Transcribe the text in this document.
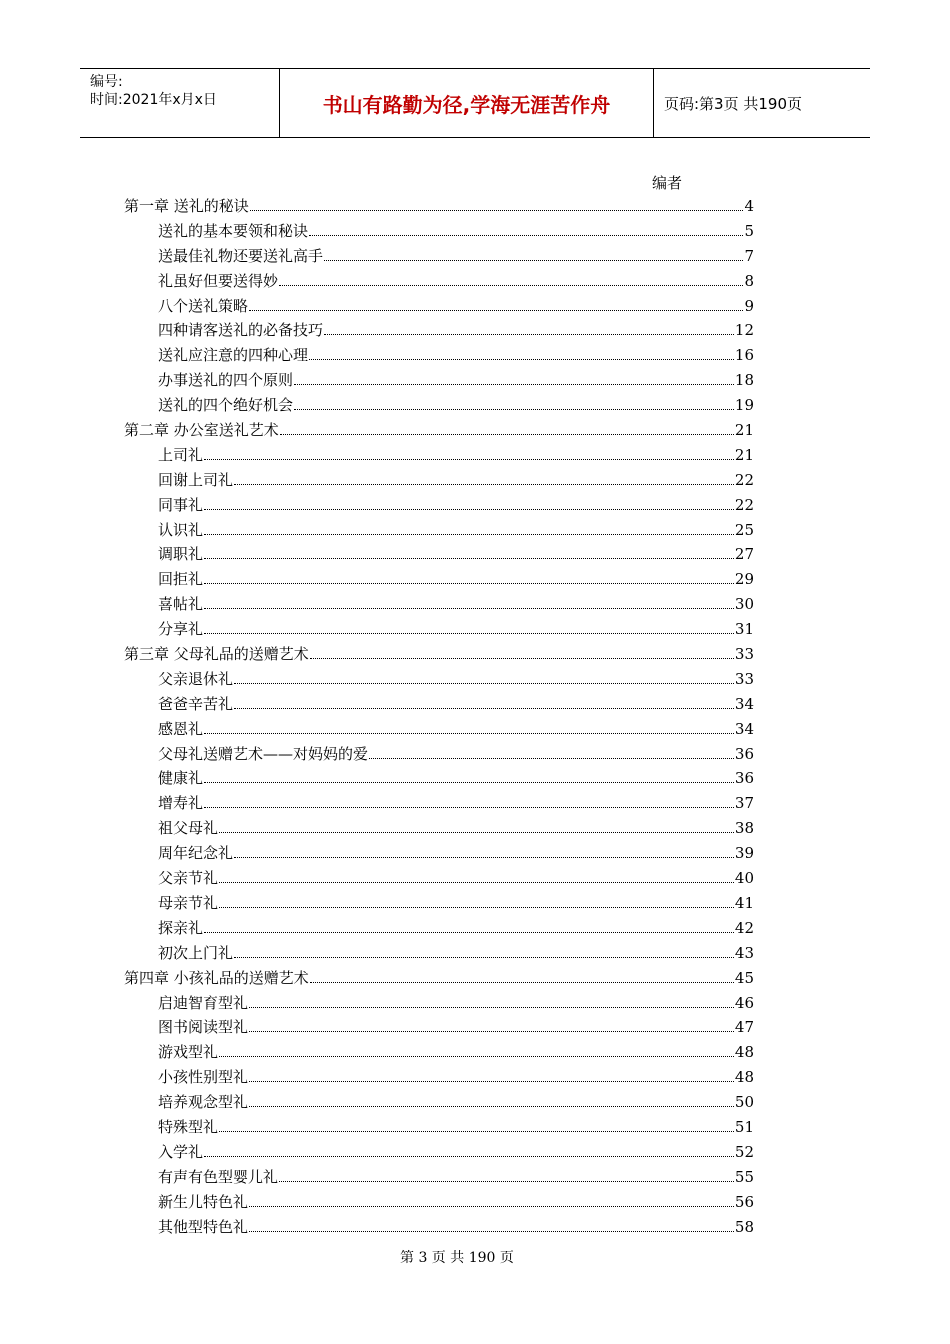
编号:
时间:2021年x月x日	书山有路勤为径,学海无涯苦作舟	页码:第3页 共190页
编者
第一章 送礼的秘诀	4
送礼的基本要领和秘诀	5
送最佳礼物还要送礼高手	7
礼虽好但要送得妙	8
八个送礼策略	9
四种请客送礼的必备技巧	12
送礼应注意的四种心理	16
办事送礼的四个原则	18
送礼的四个绝好机会	19
第二章 办公室送礼艺术	21
上司礼	21
回谢上司礼	22
同事礼	22
认识礼	25
调职礼	27
回拒礼	29
喜帖礼	30
分享礼	31
第三章 父母礼品的送赠艺术	33
父亲退休礼	33
爸爸辛苦礼	34
感恩礼	34
父母礼送赠艺术——对妈妈的爱	36
健康礼	36
增寿礼	37
祖父母礼	38
周年纪念礼	39
父亲节礼	40
母亲节礼	41
探亲礼	42
初次上门礼	43
第四章 小孩礼品的送赠艺术	45
启迪智育型礼	46
图书阅读型礼	47
游戏型礼	48
小孩性别型礼	48
培养观念型礼	50
特殊型礼	51
入学礼	52
有声有色型婴儿礼	55
新生儿特色礼	56
其他型特色礼	58
第 3 页 共 190 页
